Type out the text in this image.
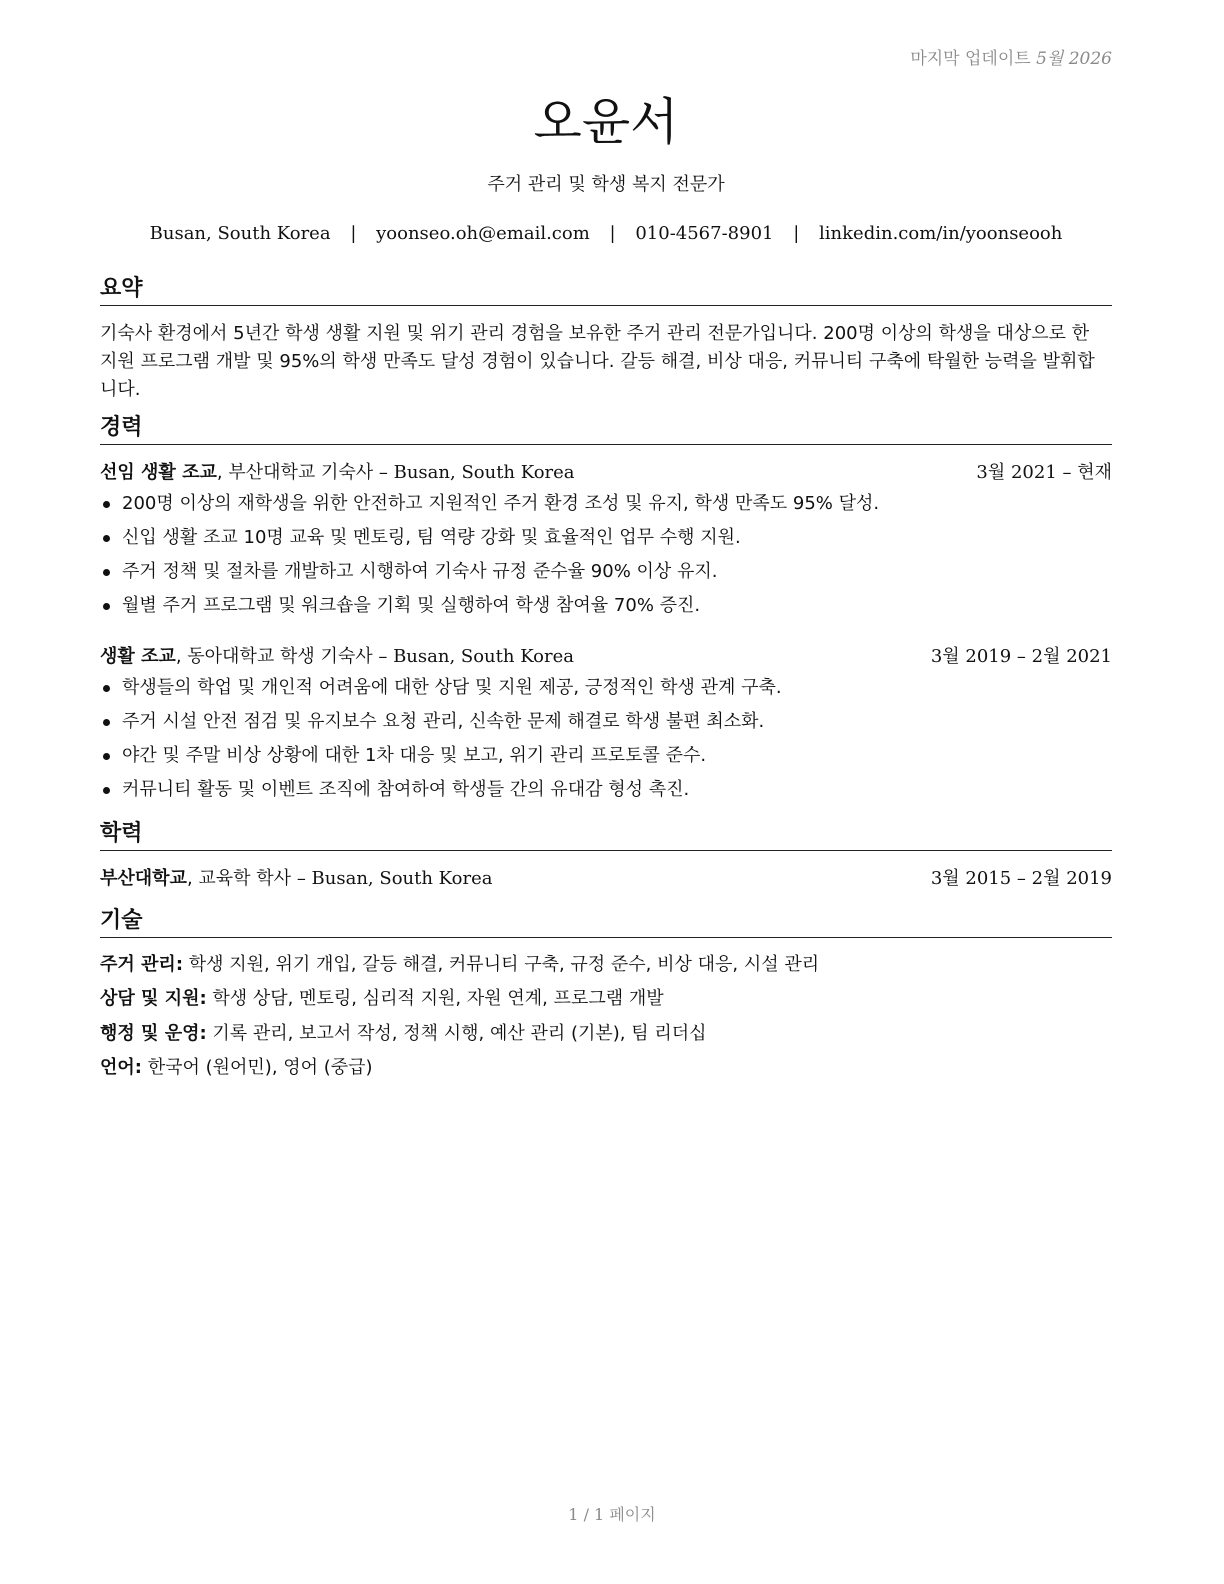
마지막 업데이트 5월 2026
오윤서
주거 관리 및 학생 복지 전문가
Busan, South Korea | yoonseo.oh@email.com | 010-4567-8901 | linkedin.com/in/yoonseooh
요약
기숙사 환경에서 5년간 학생 생활 지원 및 위기 관리 경험을 보유한 주거 관리 전문가입니다. 200명 이상의 학생을 대상으로 한 지원 프로그램 개발 및 95%의 학생 만족도 달성 경험이 있습니다. 갈등 해결, 비상 대응, 커뮤니티 구축에 탁월한 능력을 발휘합니다.
경력
선임 생활 조교, 부산대학교 기숙사 – Busan, South Korea	3월 2021 – 현재
200명 이상의 재학생을 위한 안전하고 지원적인 주거 환경 조성 및 유지, 학생 만족도 95% 달성.
신입 생활 조교 10명 교육 및 멘토링, 팀 역량 강화 및 효율적인 업무 수행 지원.
주거 정책 및 절차를 개발하고 시행하여 기숙사 규정 준수율 90% 이상 유지.
월별 주거 프로그램 및 워크숍을 기획 및 실행하여 학생 참여율 70% 증진.
생활 조교, 동아대학교 학생 기숙사 – Busan, South Korea	3월 2019 – 2월 2021
학생들의 학업 및 개인적 어려움에 대한 상담 및 지원 제공, 긍정적인 학생 관계 구축.
주거 시설 안전 점검 및 유지보수 요청 관리, 신속한 문제 해결로 학생 불편 최소화.
야간 및 주말 비상 상황에 대한 1차 대응 및 보고, 위기 관리 프로토콜 준수.
커뮤니티 활동 및 이벤트 조직에 참여하여 학생들 간의 유대감 형성 촉진.
학력
부산대학교, 교육학 학사 – Busan, South Korea	3월 2015 – 2월 2019
기술
주거 관리: 학생 지원, 위기 개입, 갈등 해결, 커뮤니티 구축, 규정 준수, 비상 대응, 시설 관리
상담 및 지원: 학생 상담, 멘토링, 심리적 지원, 자원 연계, 프로그램 개발
행정 및 운영: 기록 관리, 보고서 작성, 정책 시행, 예산 관리 (기본), 팀 리더십
언어: 한국어 (원어민), 영어 (중급)
1 / 1 페이지
